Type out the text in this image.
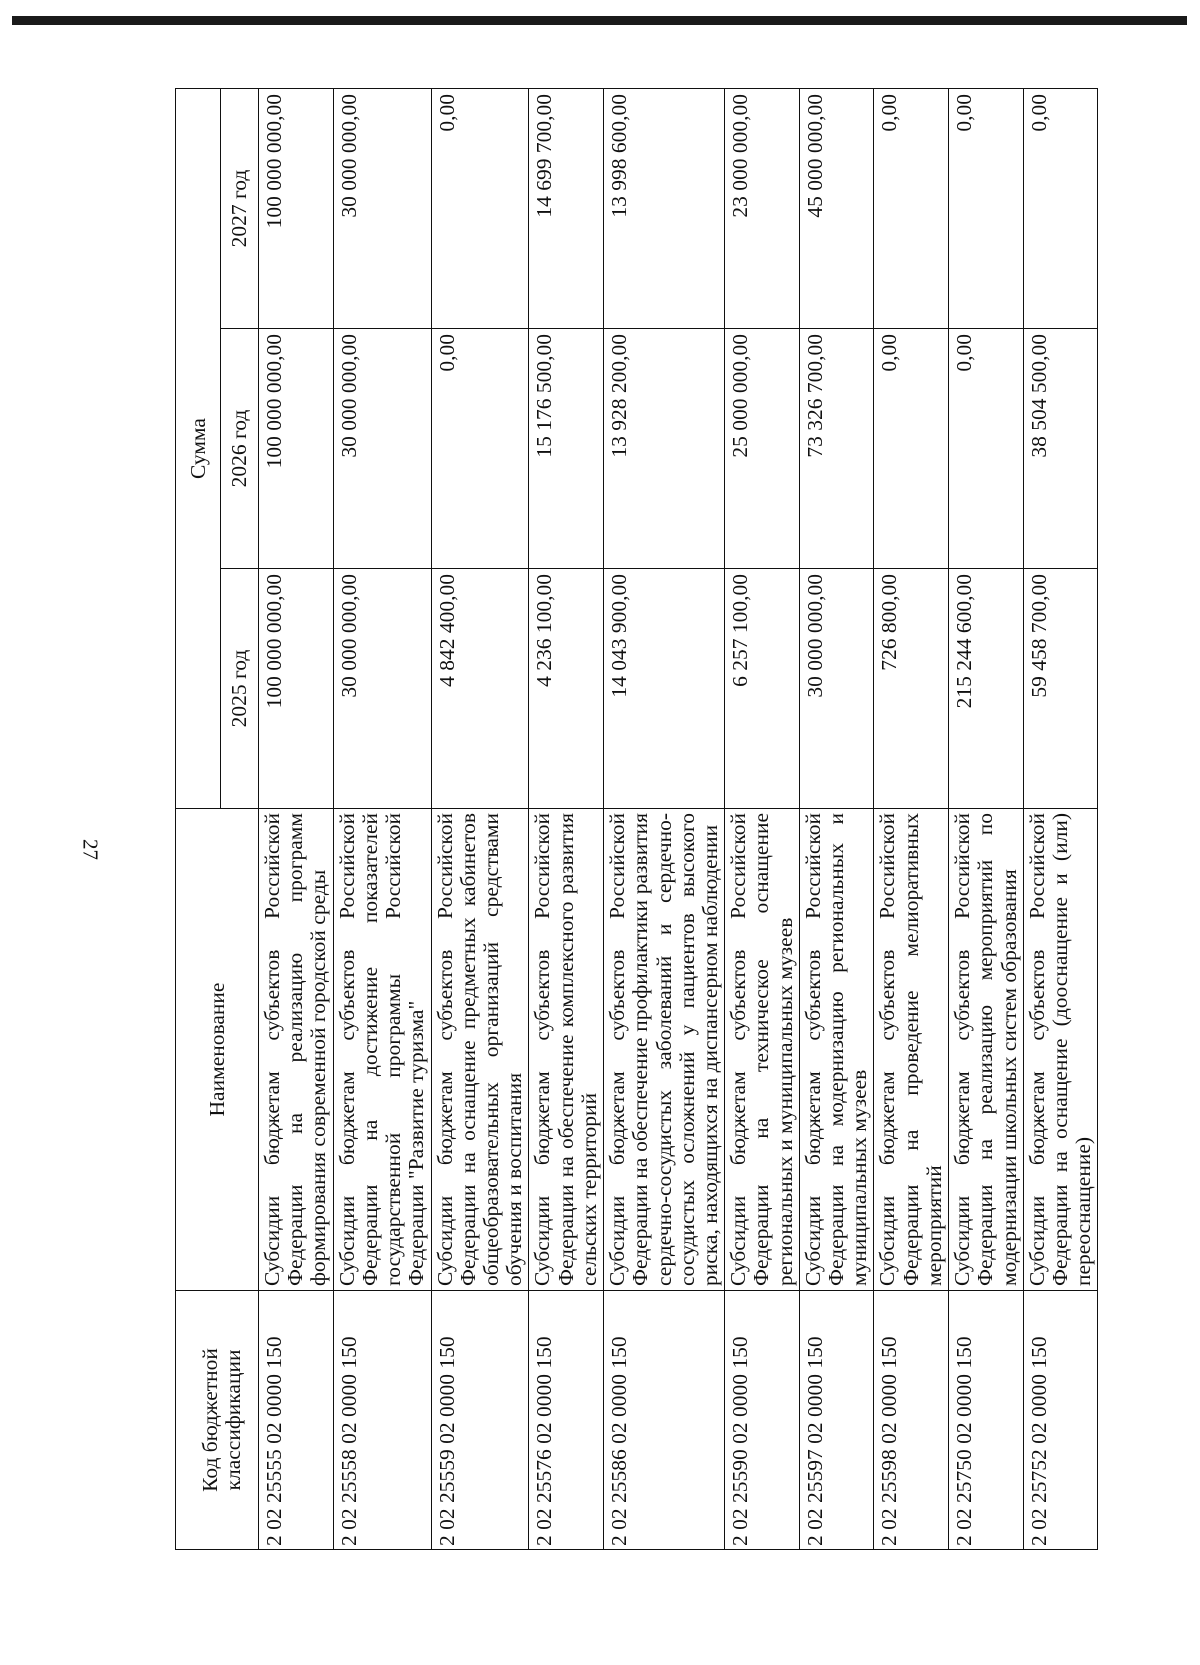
27
Код бюджетной классификации	Наименование	Сумма		
		2025 год	2026 год	2027 год
2 02 25555 02 0000 150	Субсидии бюджетам субъектов Российской Федерации на реализацию программ формирования современной городской среды	100 000 000,00	100 000 000,00	100 000 000,00
2 02 25558 02 0000 150	Субсидии бюджетам субъектов Российской Федерации на достижение показателей государственной программы Российской Федерации "Развитие туризма"	30 000 000,00	30 000 000,00	30 000 000,00
2 02 25559 02 0000 150	Субсидии бюджетам субъектов Российской Федерации на оснащение предметных кабинетов общеобразовательных организаций средствами обучения и воспитания	4 842 400,00	0,00	0,00
2 02 25576 02 0000 150	Субсидии бюджетам субъектов Российской Федерации на обеспечение комплексного развития сельских территорий	4 236 100,00	15 176 500,00	14 699 700,00
2 02 25586 02 0000 150	Субсидии бюджетам субъектов Российской Федерации на обеспечение профилактики развития сердечно-сосудистых заболеваний и сердечно-сосудистых осложнений у пациентов высокого риска, находящихся на диспансерном наблюдении	14 043 900,00	13 928 200,00	13 998 600,00
2 02 25590 02 0000 150	Субсидии бюджетам субъектов Российской Федерации на техническое оснащение региональных и муниципальных музеев	6 257 100,00	25 000 000,00	23 000 000,00
2 02 25597 02 0000 150	Субсидии бюджетам субъектов Российской Федерации на модернизацию региональных и муниципальных музеев	30 000 000,00	73 326 700,00	45 000 000,00
2 02 25598 02 0000 150	Субсидии бюджетам субъектов Российской Федерации на проведение мелиоративных мероприятий	726 800,00	0,00	0,00
2 02 25750 02 0000 150	Субсидии бюджетам субъектов Российской Федерации на реализацию мероприятий по модернизации школьных систем образования	215 244 600,00	0,00	0,00
2 02 25752 02 0000 150	Субсидии бюджетам субъектов Российской Федерации на оснащение (дооснащение и (или) переоснащение)	59 458 700,00	38 504 500,00	0,00
